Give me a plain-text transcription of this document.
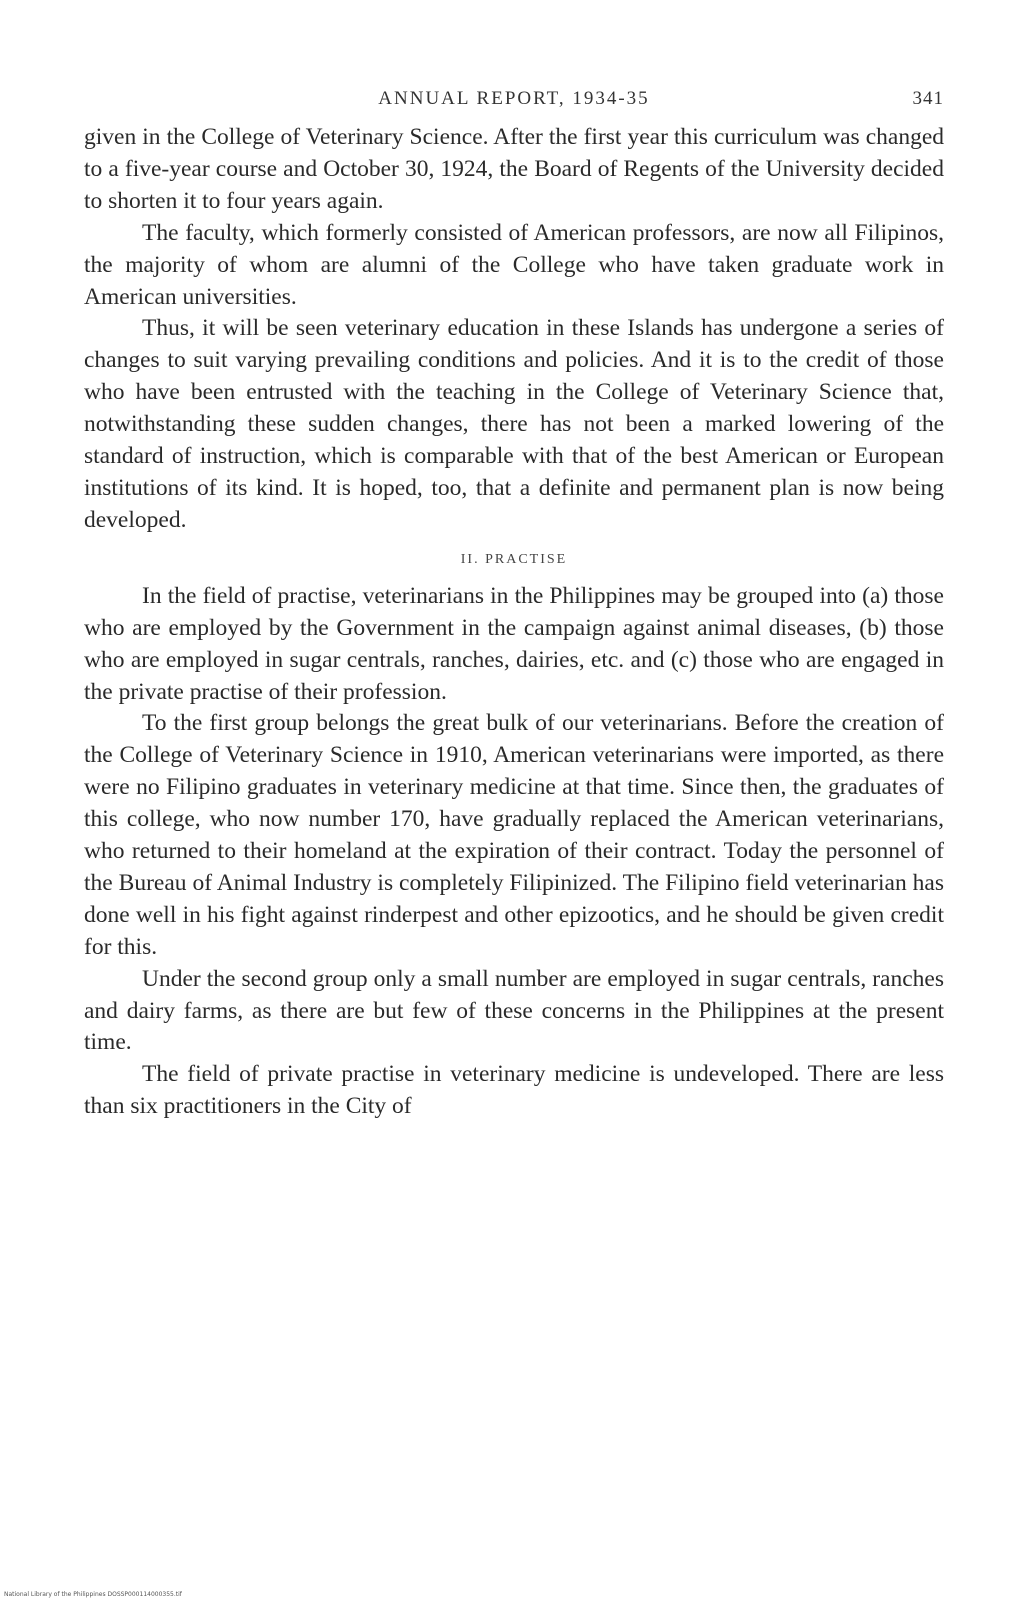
ANNUAL REPORT, 1934-35	341

given in the College of Veterinary Science. After the first year this curriculum was changed to a five-year course and October 30, 1924, the Board of Regents of the University decided to shorten it to four years again.

The faculty, which formerly consisted of American professors, are now all Filipinos, the majority of whom are alumni of the College who have taken graduate work in American universities.

Thus, it will be seen veterinary education in these Islands has undergone a series of changes to suit varying prevailing conditions and policies. And it is to the credit of those who have been entrusted with the teaching in the College of Veterinary Science that, notwithstanding these sudden changes, there has not been a marked lowering of the standard of instruction, which is comparable with that of the best American or European institutions of its kind. It is hoped, too, that a definite and permanent plan is now being developed.

II. PRACTISE

In the field of practise, veterinarians in the Philippines may be grouped into (a) those who are employed by the Government in the campaign against animal diseases, (b) those who are employed in sugar centrals, ranches, dairies, etc. and (c) those who are engaged in the private practise of their profession.

To the first group belongs the great bulk of our veterinarians. Before the creation of the College of Veterinary Science in 1910, American veterinarians were imported, as there were no Filipino graduates in veterinary medicine at that time. Since then, the graduates of this college, who now number 170, have gradually replaced the American veterinarians, who returned to their homeland at the expiration of their contract. Today the personnel of the Bureau of Animal Industry is completely Filipinized. The Filipino field veterinarian has done well in his fight against rinderpest and other epizootics, and he should be given credit for this.

Under the second group only a small number are employed in sugar centrals, ranches and dairy farms, as there are but few of these concerns in the Philippines at the present time.

The field of private practise in veterinary medicine is undeveloped. There are less than six practitioners in the City of

National Library of the Philippines DOSSP000114000355.tif
